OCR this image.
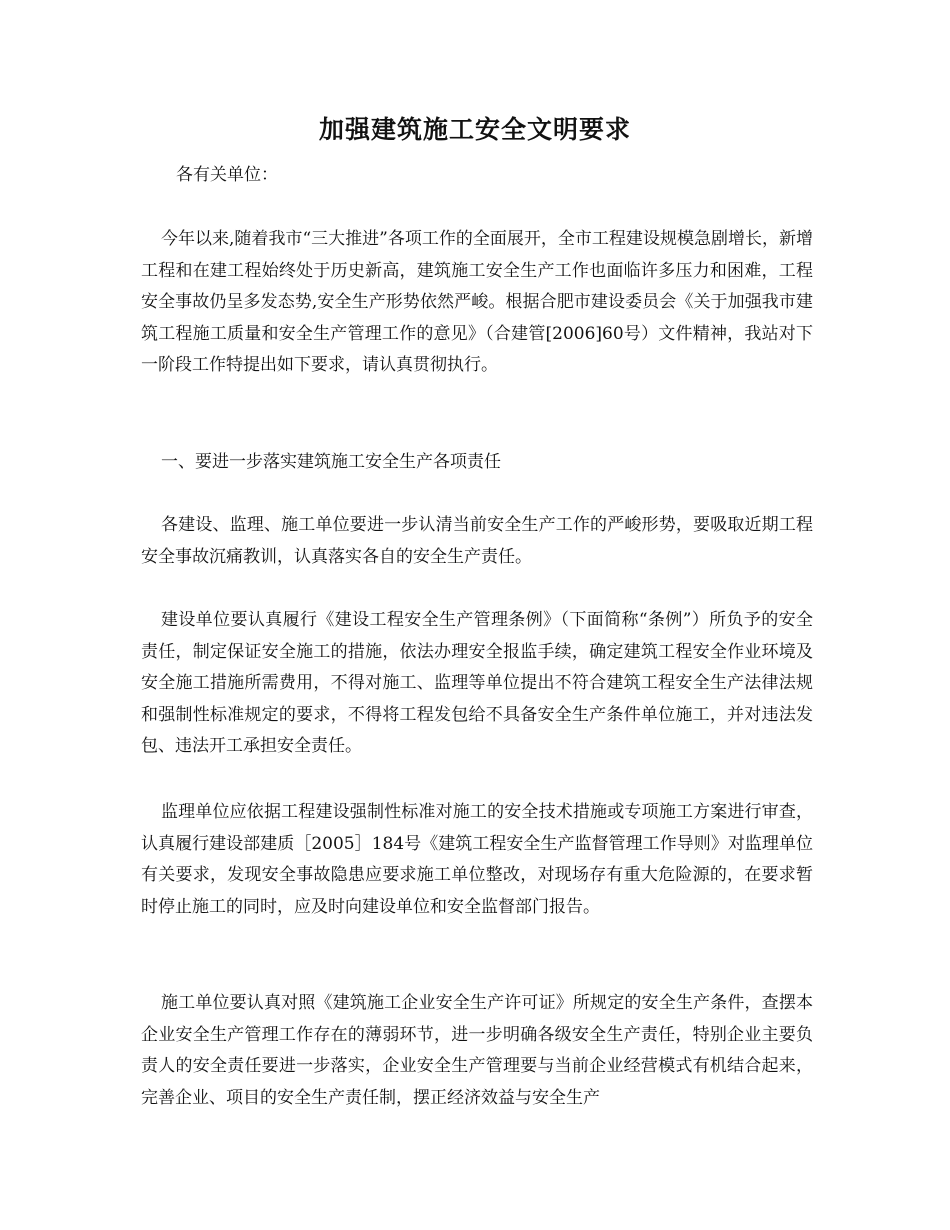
加强建筑施工安全文明要求
各有关单位：

今年以来,随着我市“三大推进”各项工作的全面展开，全市工程建设规模急剧增长，新增工程和在建工程始终处于历史新高，建筑施工安全生产工作也面临许多压力和困难，工程安全事故仍呈多发态势,安全生产形势依然严峻。根据合肥市建设委员会《关于加强我市建筑工程施工质量和安全生产管理工作的意见》（合建管[2006]60号）文件精神，我站对下一阶段工作特提出如下要求，请认真贯彻执行。

一、要进一步落实建筑施工安全生产各项责任

各建设、监理、施工单位要进一步认清当前安全生产工作的严峻形势，要吸取近期工程安全事故沉痛教训，认真落实各自的安全生产责任。

建设单位要认真履行《建设工程安全生产管理条例》（下面简称“条例”）所负予的安全责任，制定保证安全施工的措施，依法办理安全报监手续，确定建筑工程安全作业环境及安全施工措施所需费用，不得对施工、监理等单位提出不符合建筑工程安全生产法律法规和强制性标准规定的要求，不得将工程发包给不具备安全生产条件单位施工，并对违法发包、违法开工承担安全责任。

监理单位应依据工程建设强制性标准对施工的安全技术措施或专项施工方案进行审查，认真履行建设部建质［2005］184号《建筑工程安全生产监督管理工作导则》对监理单位有关要求，发现安全事故隐患应要求施工单位整改，对现场存有重大危险源的，在要求暂时停止施工的同时，应及时向建设单位和安全监督部门报告。

施工单位要认真对照《建筑施工企业安全生产许可证》所规定的安全生产条件，查摆本企业安全生产管理工作存在的薄弱环节，进一步明确各级安全生产责任，特别企业主要负责人的安全责任要进一步落实，企业安全生产管理要与当前企业经营模式有机结合起来，完善企业、项目的安全生产责任制，摆正经济效益与安全生产
